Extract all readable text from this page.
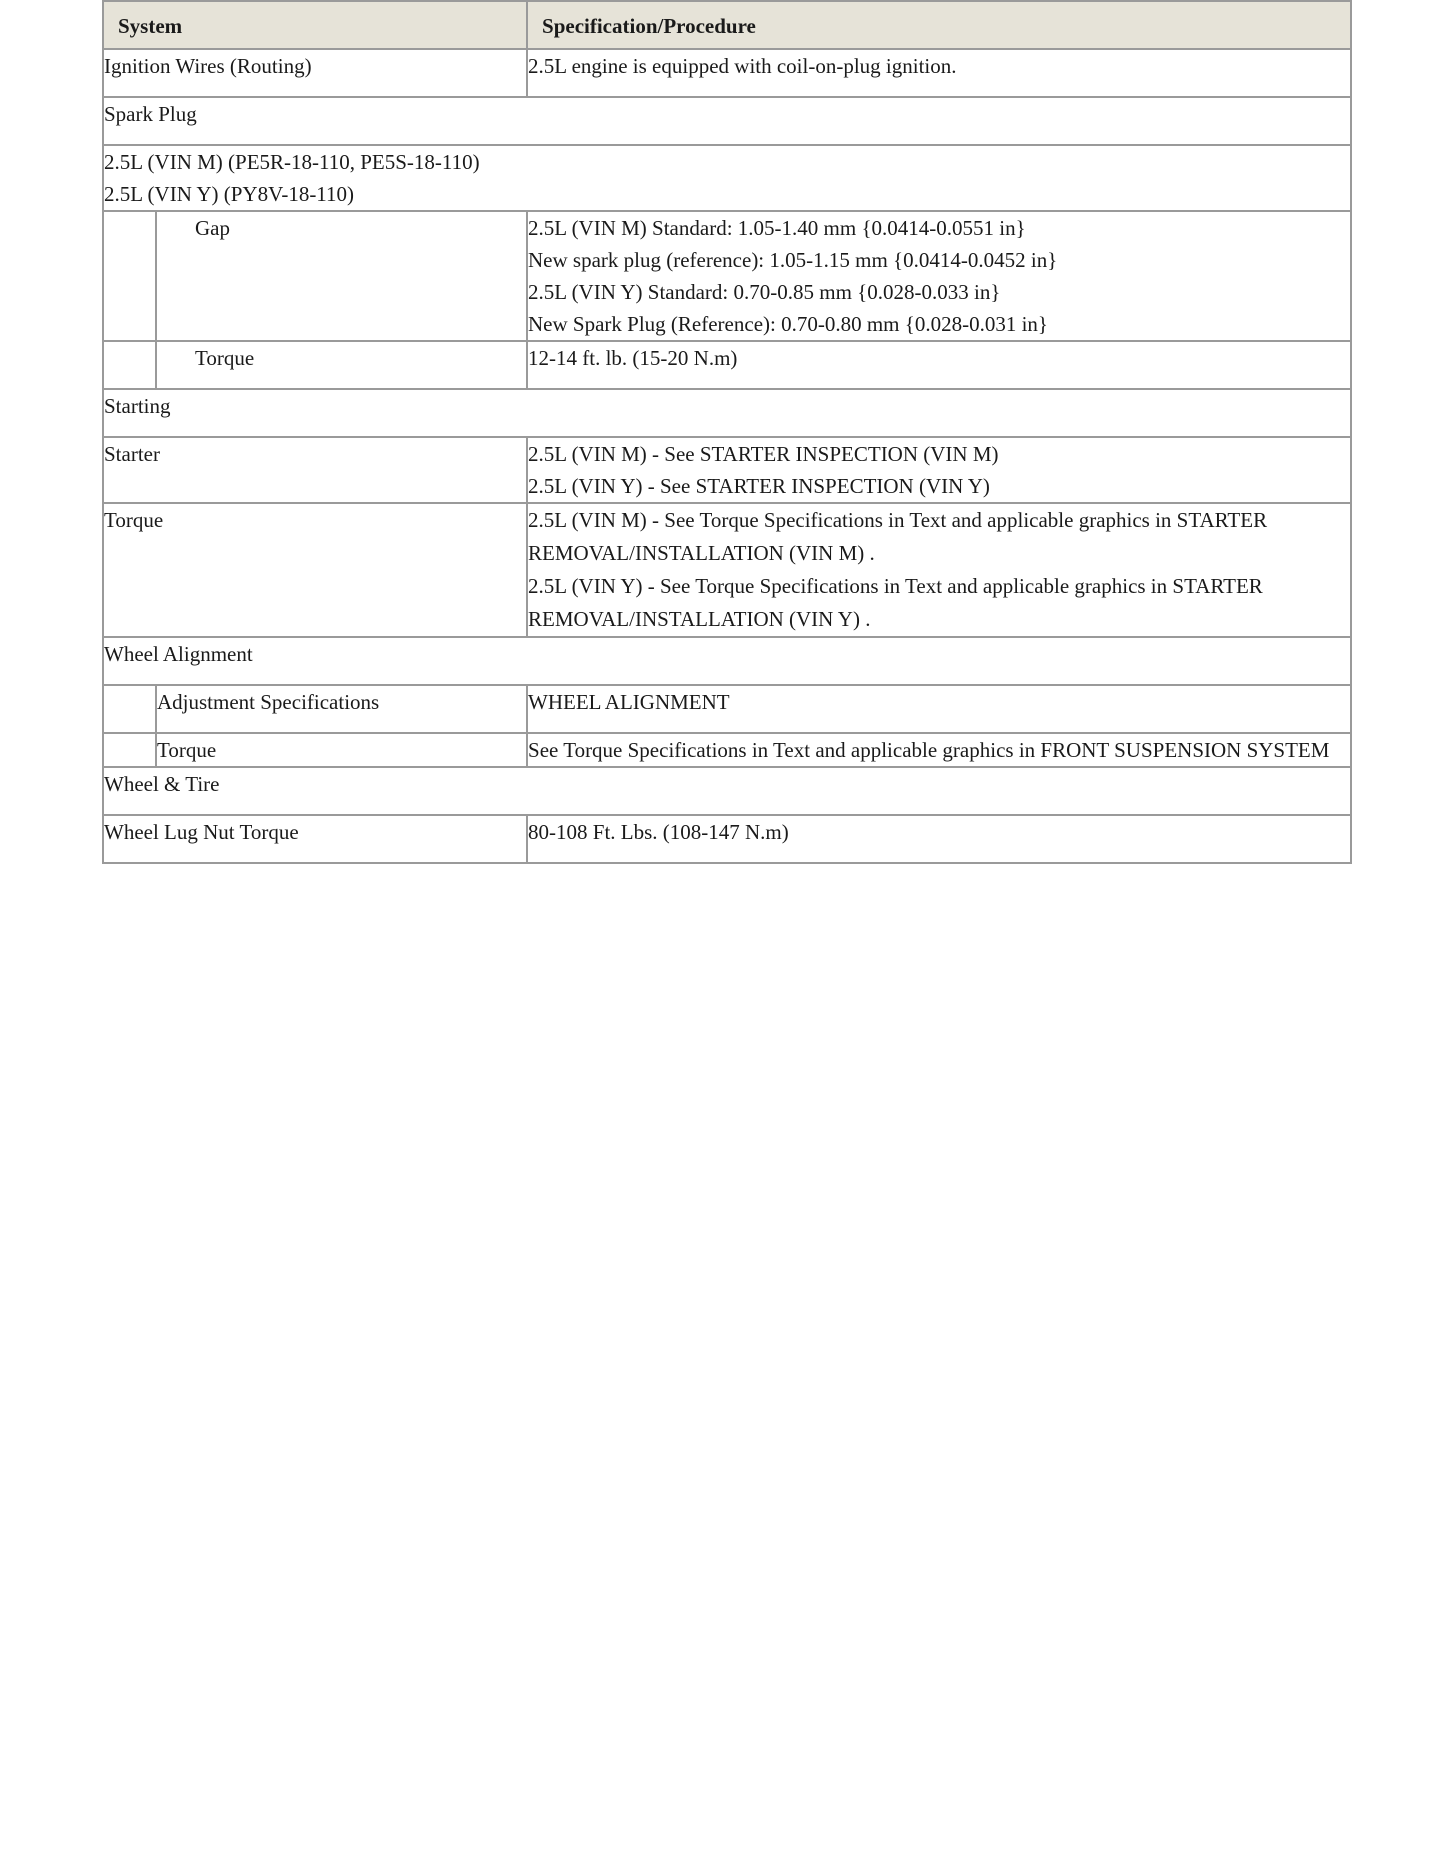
System		Specification/Procedure
Ignition Wires (Routing)		2.5L engine is equipped with coil-on-plug ignition.
Spark Plug		

2.5L (VIN M) (PE5R-18-110, PE5S-18-110)
2.5L (VIN Y) (PY8V-18-110)		

	Gap	2.5L (VIN M) Standard: 1.05-1.40 mm {0.0414-0.0551 in}
New spark plug (reference): 1.05-1.15 mm {0.0414-0.0452 in}
2.5L (VIN Y) Standard: 0.70-0.85 mm {0.028-0.033 in}
New Spark Plug (Reference): 0.70-0.80 mm {0.028-0.031 in}

	Torque	12-14 ft. lb. (15-20 N.m)
Starting		
Starter		2.5L (VIN M) - See STARTER INSPECTION (VIN M)
2.5L (VIN Y) - See STARTER INSPECTION (VIN Y)

Torque		2.5L (VIN M) - See Torque Specifications in Text and applicable graphics in STARTER REMOVAL/INSTALLATION (VIN M) .
2.5L (VIN Y) - See Torque Specifications in Text and applicable graphics in STARTER REMOVAL/INSTALLATION (VIN Y) .

Wheel Alignment		
	Adjustment Specifications	WHEEL ALIGNMENT
	Torque	See Torque Specifications in Text and applicable graphics in FRONT SUSPENSION SYSTEM
Wheel & Tire		
Wheel Lug Nut Torque		80-108 Ft. Lbs. (108-147 N.m)
